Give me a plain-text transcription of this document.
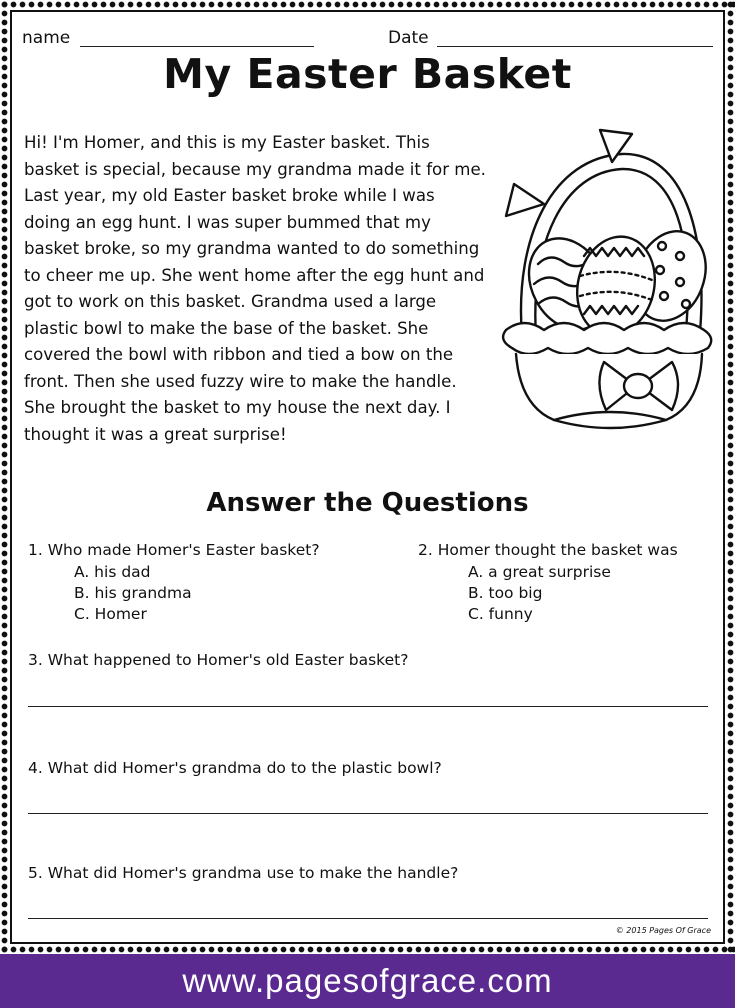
name	Date
My Easter Basket

Hi! I'm Homer, and this is my Easter basket. This basket is special, because my grandma made it for me. Last year, my old Easter basket broke while I was doing an egg hunt. I was super bummed that my basket broke, so my grandma wanted to do something to cheer me up. She went home after the egg hunt and got to work on this basket. Grandma used a large plastic bowl to make the base of the basket. She covered the bowl with ribbon and tied a bow on the front. Then she used fuzzy wire to make the handle. She brought the basket to my house the next day. I thought it was a great surprise!

Answer the Questions
1. Who made Homer's Easter basket?
A. his dad
B. his grandma
C. Homer
2. Homer thought the basket was
A. a great surprise
B. too big
C. funny
3. What happened to Homer's old Easter basket?
4. What did Homer's grandma do to the plastic bowl?
5. What did Homer's grandma use to make the handle?
© 2015 Pages Of Grace
www.pagesofgrace.com
